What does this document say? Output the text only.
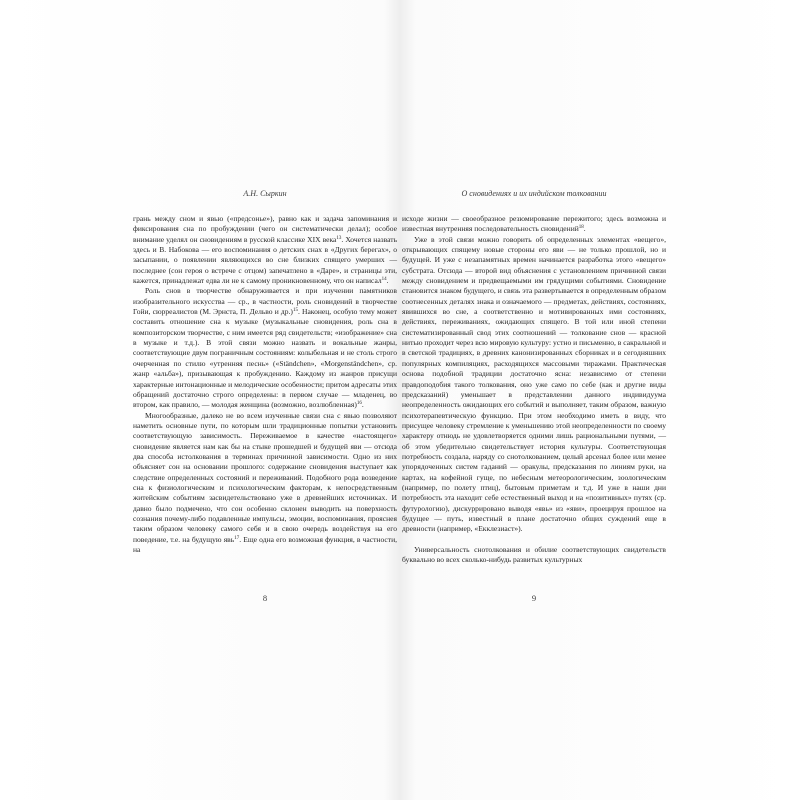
А.Н. Сыркин

грань между сном и явью («предсонье»), равно как и задача запоминания и фиксирования сна по пробуждении (чего он систематически делал); особое внимание уделял он сновидениям в русской классике XIX века$^{13}$. Хочется назвать здесь и В. Набокова — его воспоминания о детских снах в «Других берегах», о засыпании, о появлении являющихся во сне близких спящего умерших — последнее (сон героя о встрече с отцом) запечатлено в «Даре», и страницы эти, кажется, принадлежат едва ли не к самому проникновенному, что он написал$^{14}$.

Роль снов в творчестве обнаруживается и при изучении памятников изобразительного искусства — ср., в частности, роль сновидений в творчестве Гойи, сюрреалистов (М. Эрнста, П. Дельво и др.)$^{15}$. Наконец, особую тему может составить отношение сна к музыке (музыкальные сновидения, роль сна в композиторском творчестве, с ним имеется ряд свидетельств; «изображение» сна в музыке и т.д.). В этой связи можно назвать и вокальные жанры, соответствующие двум пограничным состояниям: колыбельная и не столь строго очерченная по стилю «утренняя песнь» («Ständchen», «Morgenständchen», ср. жанр «альба»), призывающая к пробуждению. Каждому из жанров присущи характерные интонационные и мелодические особенности; притом адресаты этих обращений достаточно строго определены: в первом случае — младенец, во втором, как правило, — молодая женщина (возможно, возлюбленная)$^{16}$.

Многообразные, далеко не во всем изученные связи сна с явью позволяют наметить основные пути, по которым шли традиционные попытки установить соответствующую зависимость. Переживаемое в качестве «настоящего» сновидение является нам как бы на стыке прошедшей и будущей яви — отсюда два способа истолкования в терминах причинной зависимости. Одно из них объясняет сон на основании прошлого: содержание сновидения выступает как следствие определенных состояний и переживаний. Подобного рода возведение сна к физиологическим и психологическим факторам, к непосредственным житейским событиям засвидетельствовано уже в древнейших источниках. И давно было подмечено, что сон особенно склонен выводить на поверхность сознания почему-либо подавленные импульсы, эмоции, воспоминания, прояснея таким образом человеку самого себя и в свою очередь воздействуя на его поведение, т.е. на будущую явь$^{17}$. Еще одна его возможная функция, в частности, на

8
О сновидениях и их индийском толковании

исходе жизни — своеобразное резюмирование пережитого; здесь возможна и известная внутренняя последовательность сновидений$^{18}$.

Уже в этой связи можно говорить об определенных элементах «вещего», открывающих спящему новые стороны его яви — не только прошлой, но и будущей. И уже с незапамятных времен начинается разработка этого «вещего» субстрата. Отсюда — второй вид объяснения с установлением причинной связи между сновидением и предвещаемыми им грядущими событиями. Сновидение становится знаком будущего, и связь эта развертывается в определенным образом соотнесенных деталях знака и означаемого — предметах, действиях, состояниях, явившихся во сне, а соответственно и мотивированных ими состояниях, действиях, переживаниях, ожидающих спящего. В той или иной степени систематизированный свод этих соотношений — толкование снов — красной нитью проходит через всю мировую культуру: устно и письменно, в сакральной и в светской традициях, в древних канонизированных сборниках и в сегодняшних популярных компиляциях, расходящихся массовыми тиражами. Практическая основа подобной традиции достаточно ясна: независимо от степени правдоподобия такого толкования, оно уже само по себе (как и другие виды предсказаний) уменьшает в представлении данного индивидуума неопределенность ожидающих его событий и выполняет, таким образом, важную психотерапевтическую функцию. При этом необходимо иметь в виду, что присущее человеку стремление к уменьшению этой неопределенности по своему характеру отнюдь не удовлетворяется одними лишь рациональными путями, — об этом убедительно свидетельствует история культуры. Соответствующая потребность создала, наряду со снотолкованием, целый арсенал более или менее упорядоченных систем гаданий — оракулы, предсказания по линиям руки, на картах, на кофейной гуще, по небесным метеорологическим, зоологическим (например, по полету птиц), бытовым приметам и т.д. И уже в наши дни потребность эта находит себе естественный выход и на «позитивных» путях (ср. футурологию), дискуррировано выводя «явь» из «яви», проецируя прошлое на будущее — путь, известный в плане достаточно общих суждений еще в древности (например, «Екклезиаст»).

Универсальность снотолкования и обилие соответствующих свидетельств буквально во всех сколько-нибудь развитых культурных

9
